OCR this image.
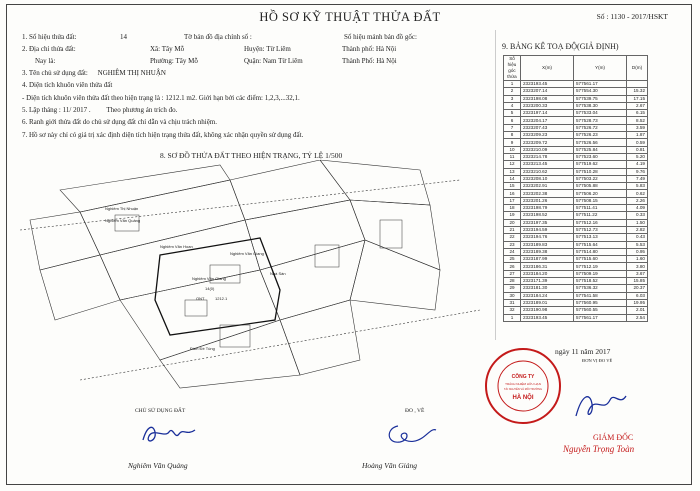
HỒ SƠ KỸ THUẬT THỬA ĐẤT	Số : 1130 - 2017/HSKT
1. Số hiệu thửa đất:	14	Tờ bản đồ địa chính số :	Số hiệu mảnh bản đồ gốc:
2. Địa chỉ thửa đất:	Xã: Tây Mỗ	Huyện: Từ Liêm	Thành phố: Hà Nội
Nay là:	Phường: Tây Mỗ	Quận: Nam Từ Liêm	Thành Phố: Hà Nội
3. Tên chủ sử dụng đất: NGHIÊM THỊ NHUẬN
4. Diện tích khuôn viên thửa đất
- Diện tích khuôn viên thửa đất theo hiện trạng là : 1212.1 m2. Giới hạn bởi các điểm: 1,2,3,...32,1.
5. Lập tháng : 11/ 2017 . Theo phương án trích đo.
6. Ranh giới thửa đất do chủ sử dụng đất chỉ dẫn và chịu trách nhiệm.
7. Hồ sơ này chỉ có giá trị xác định diện tích hiện trạng thửa đất, không xác nhận quyền sử dụng đất.
9. BẢNG KÊ TOẠ ĐỘ(GIẢ ĐỊNH)
Số hiệu góc thửa	X(m)	Y(m)	D(m)
1	2323193.45	577561.17	
2	2323207.14	577554.30	15.32
3	2323198.08	577539.75	17.15
4	2323200.33	577538.30	2.67
5	2323197.14	577533.04	6.15
6	2323204.17	577528.73	8.52
7	2323207.43	577526.72	3.59
8	2323209.23	577526.23	1.87
9	2323209.72	577526.56	0.59
10	2323210.09	577525.84	0.81
11	2323214.78	577523.60	5.20
12	2323213.45	577519.62	4.19
13	2323210.62	577510.28	9.76
14	2323208.10	577503.22	7.49
15	2323202.91	577505.88	5.83
16	2323202.38	577506.20	0.62
17	2323201.26	577508.15	2.26
18	2323198.79	577511.41	4.09
19	2323198.52	577511.22	0.33
20	2323197.35	577512.16	1.50
21	2323194.59	577512.73	2.82
22	2323194.76	577513.13	0.43
23	2323189.83	577515.64	5.53
24	2323189.38	577514.80	0.95
25	2323187.99	577515.60	1.60
26	2323186.31	577512.19	3.80
27	2323184.20	577509.19	3.67
28	2323171.39	577518.52	15.85
29	2323181.30	577536.32	20.37
30	2323184.24	577541.58	6.03
31	2323189.01	577560.95	19.95
32	2323190.98	577560.55	2.01
1	2323193.45	577561.17	2.54
8. SƠ ĐỒ THỬA ĐẤT THEO HIỆN TRẠNG, TỶ LỆ 1/500
Nghiêm Văn Giang
14(0)
ONT	1212.1
Nghiêm Thị Nhuận
Nghiêm Văn Quảng
Nghiêm Văn Hoan
Nghiêm Văn Giang
Đàm Đề Tùng
Nhà Sàn
CHỦ SỬ DỤNG ĐẤT
Nghiêm Văn Quảng
ĐO , VẼ
Hoàng Văn Giảng
ngày 11 năm 2017
ĐƠN VỊ ĐO VẼ
CÔNG TY
TRÁCH NHIỆM HỮU HẠN
TÀI NGUYÊN VÀ MÔI TRƯỜNG
HÀ NỘI
GIÁM ĐỐC
Nguyễn Trọng Toàn
